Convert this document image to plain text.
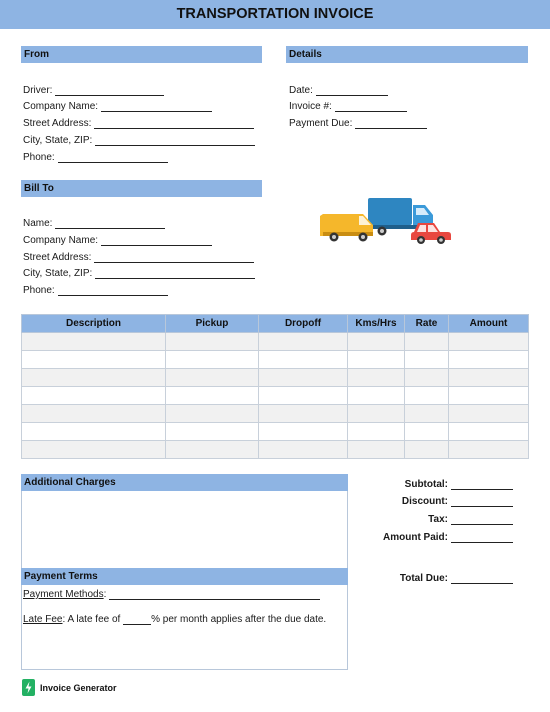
TRANSPORTATION INVOICE
From
Driver:
Company Name:
Street Address:
City, State, ZIP:
Phone:
Details
Date:
Invoice #:
Payment Due:
Bill To
Name:
Company Name:
Street Address:
City, State, ZIP:
Phone:
Description	Pickup	Dropoff	Kms/Hrs	Rate	Amount

Additional Charges
Payment Terms
Payment Methods:
Late Fee: A late fee of	% per month applies after the due date.
Subtotal:
Discount:
Tax:
Amount Paid:
Total Due:
Invoice Generator
